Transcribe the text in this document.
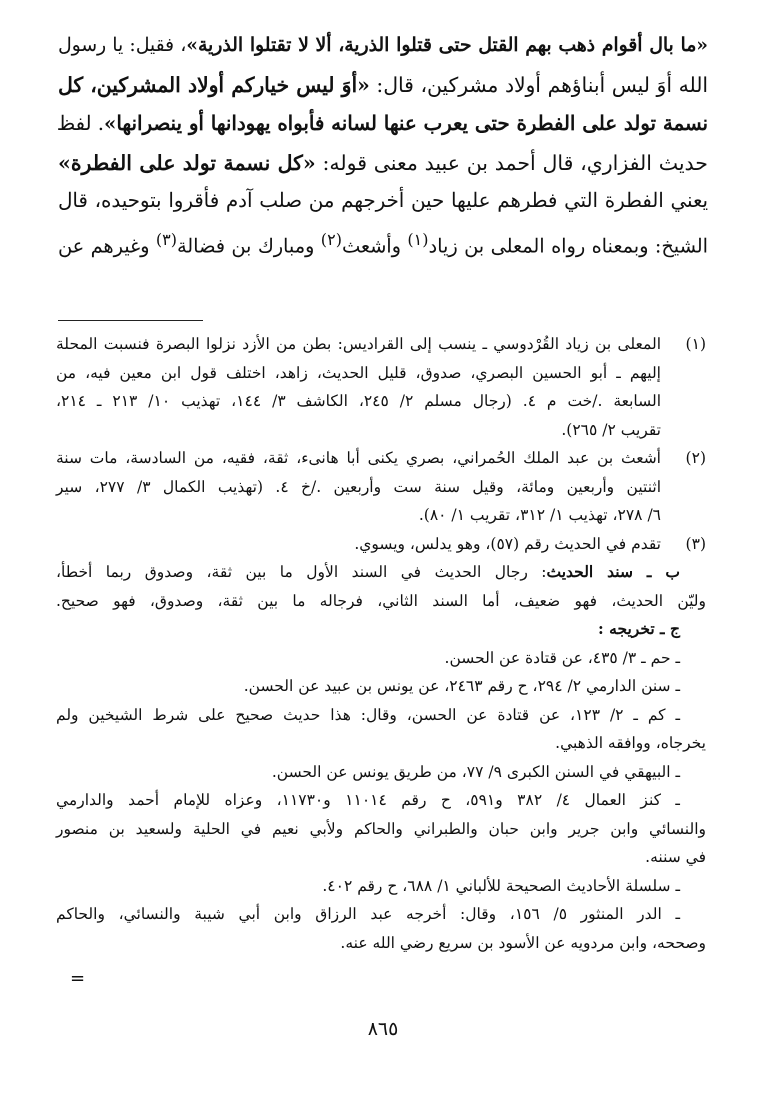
«ما بال أقوام ذهب بهم القتل حتى قتلوا الذرية، ألا لا تقتلوا الذرية»، فقيل: يا رسول
الله أوَ ليس أبناؤهم أولاد مشركين، قال: «أوَ ليس خياركم أولاد المشركين، كل
نسمة تولد على الفطرة حتى يعرب عنها لسانه فأبواه يهودانها أو ينصرانها». لفظ
حديث الفزاري، قال أحمد بن عبيد معنى قوله: «كل نسمة تولد على الفطرة»
يعني الفطرة التي فطرهم عليها حين أخرجهم من صلب آدم فأقروا بتوحيده، قال
الشيخ: وبمعناه رواه المعلى بن زياد$^{(١)}$ وأشعث$^{(٢)}$ ومبارك بن فضالة$^{(٣)}$ وغيرهم عن
(١)
المعلى بن زياد القُرْدوسي ـ ينسب إلى القراديس: بطن من الأزد نزلوا البصرة فنسبت المحلة
إليهم ـ أبو الحسين البصري، صدوق، قليل الحديث، زاهد، اختلف قول ابن معين فيه، من
السابعة ./خت م ٤. (رجال مسلم ٢/ ٢٤٥، الكاشف ٣/ ١٤٤، تهذيب ١٠/ ٢١٣ ـ ٢١٤،
تقريب ٢/ ٢٦٥).
(٢)
أشعث بن عبد الملك الحُمراني، بصري يكنى أبا هانىء، ثقة، فقيه، من السادسة، مات سنة
اثنتين وأربعين ومائة، وقيل سنة ست وأربعين ./خ ٤. (تهذيب الكمال ٣/ ٢٧٧، سير
٦/ ٢٧٨، تهذيب ١/ ٣١٢، تقريب ١/ ٨٠).
(٣)
تقدم في الحديث رقم (٥٧)، وهو يدلس، ويسوي.
ب ـ سند الحديث: رجال الحديث في السند الأول ما بين ثقة، وصدوق ربما أخطأ،
وليّن الحديث، فهو ضعيف، أما السند الثاني، فرجاله ما بين ثقة، وصدوق، فهو صحيح.
ج ـ تخريجه :
ـ حم ـ ٣/ ٤٣٥، عن قتادة عن الحسن.
ـ سنن الدارمي ٢/ ٢٩٤، ح رقم ٢٤٦٣، عن يونس بن عبيد عن الحسن.
ـ كم ـ ٢/ ١٢٣، عن قتادة عن الحسن، وقال: هذا حديث صحيح على شرط الشيخين ولم
يخرجاه، ووافقه الذهبي.
ـ البيهقي في السنن الكبرى ٩/ ٧٧، من طريق يونس عن الحسن.
ـ كنز العمال ٤/ ٣٨٢ و٥٩١، ح رقم ١١٠١٤ و١١٧٣٠، وعزاه للإمام أحمد والدارمي
والنسائي وابن جرير وابن حبان والطبراني والحاكم ولأبي نعيم في الحلية ولسعيد بن منصور
في سننه.
ـ سلسلة الأحاديث الصحيحة للألباني ١/ ٦٨٨، ح رقم ٤٠٢.
ـ الدر المنثور ٥/ ١٥٦، وقال: أخرجه عبد الرزاق وابن أبي شيبة والنسائي، والحاكم
وصححه، وابن مردويه عن الأسود بن سريع رضي الله عنه.
=
٨٦٥
